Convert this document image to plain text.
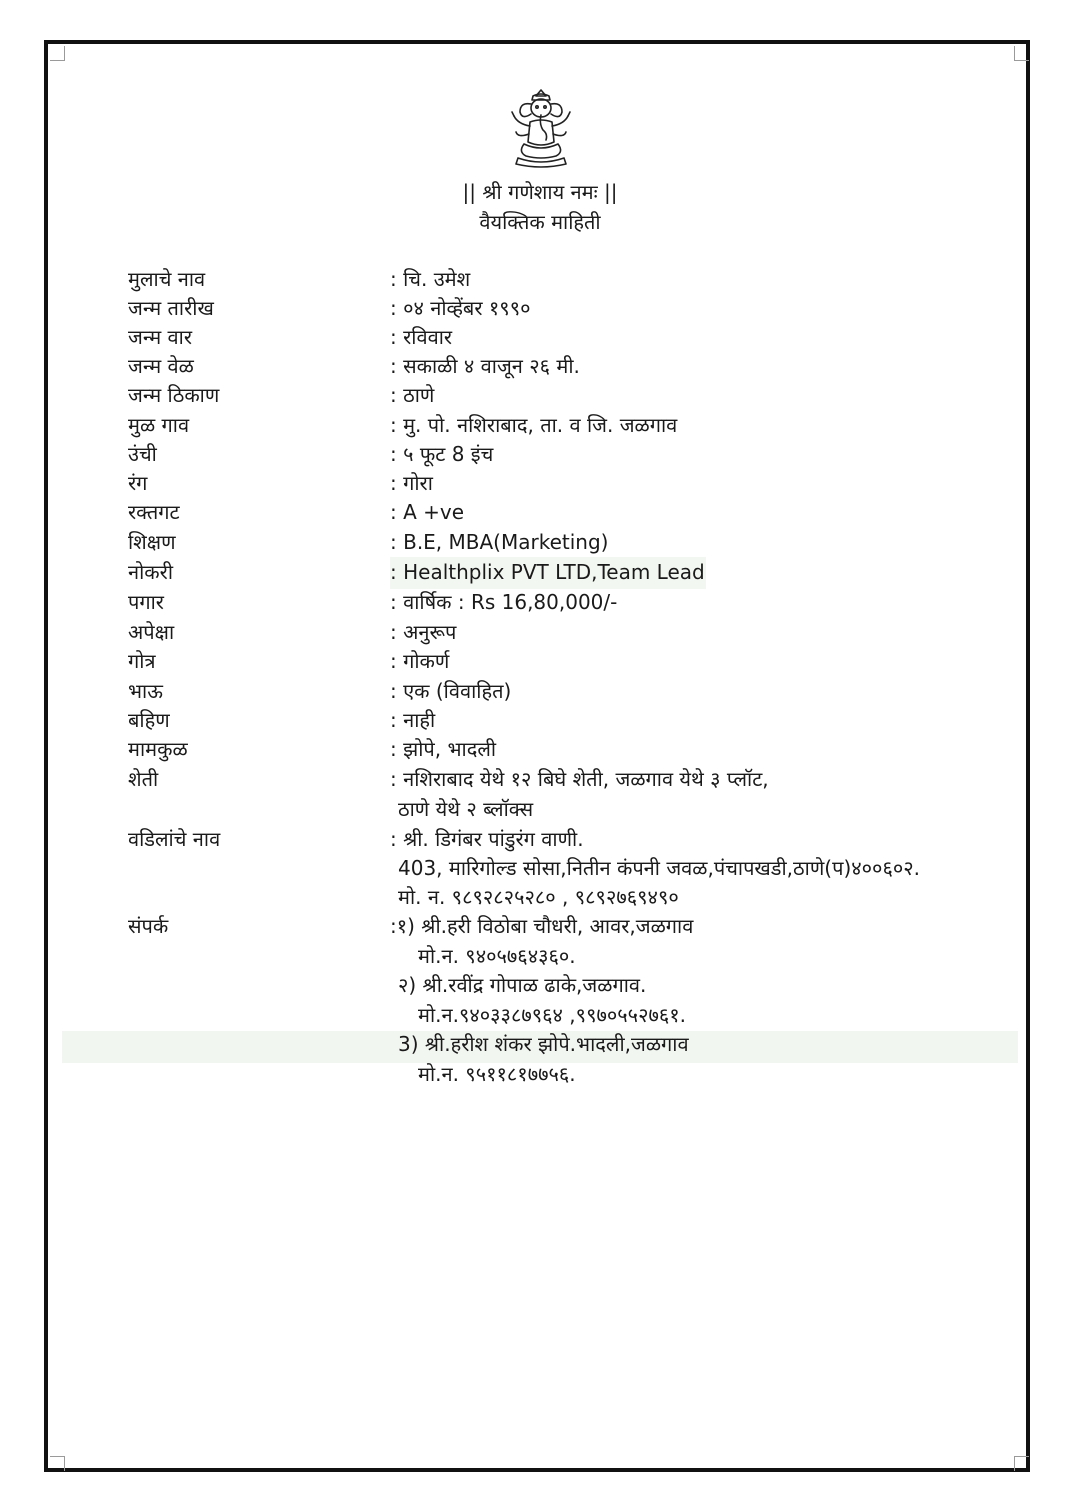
|| श्री गणेशाय नमः ||
वैयक्तिक माहिती
मुलाचे नाव	: चि. उमेश
जन्म तारीख	: ०४ नोव्हेंबर १९९०
जन्म वार	: रविवार
जन्म वेळ	: सकाळी ४ वाजून २६ मी.
जन्म ठिकाण	: ठाणे
मुळ गाव	: मु. पो. नशिराबाद, ता. व जि. जळगाव
उंची	: ५ फूट 8 इंच
रंग	: गोरा
रक्तगट	: A +ve
शिक्षण	: B.E, MBA(Marketing)
नोकरी	: Healthplix PVT LTD,Team Lead
पगार	: वार्षिक : Rs 16,80,000/-
अपेक्षा	: अनुरूप
गोत्र	: गोकर्ण
भाऊ	: एक (विवाहित)
बहिण	: नाही
मामकुळ	: झोपे, भादली
शेती	: नशिराबाद येथे १२ बिघे शेती, जळगाव येथे ३ प्लॉट,
ठाणे येथे २ ब्लॉक्स
वडिलांचे नाव	: श्री. डिगंबर पांडुरंग वाणी.
403, मारिगोल्ड सोसा,नितीन कंपनी जवळ,पंचापखडी,ठाणे(प)४००६०२.
मो. न. ९८९२८२५२८० , ९८९२७६९४९०
संपर्क	:१) श्री.हरी विठोबा चौधरी, आवर,जळगाव
मो.न. ९४०५७६४३६०.
२) श्री.रवींद्र गोपाळ ढाके,जळगाव.
मो.न.९४०३३८७९६४ ,९९७०५५२७६१.
3) श्री.हरीश शंकर झोपे.भादली,जळगाव
मो.न. ९५११८१७७५६.
